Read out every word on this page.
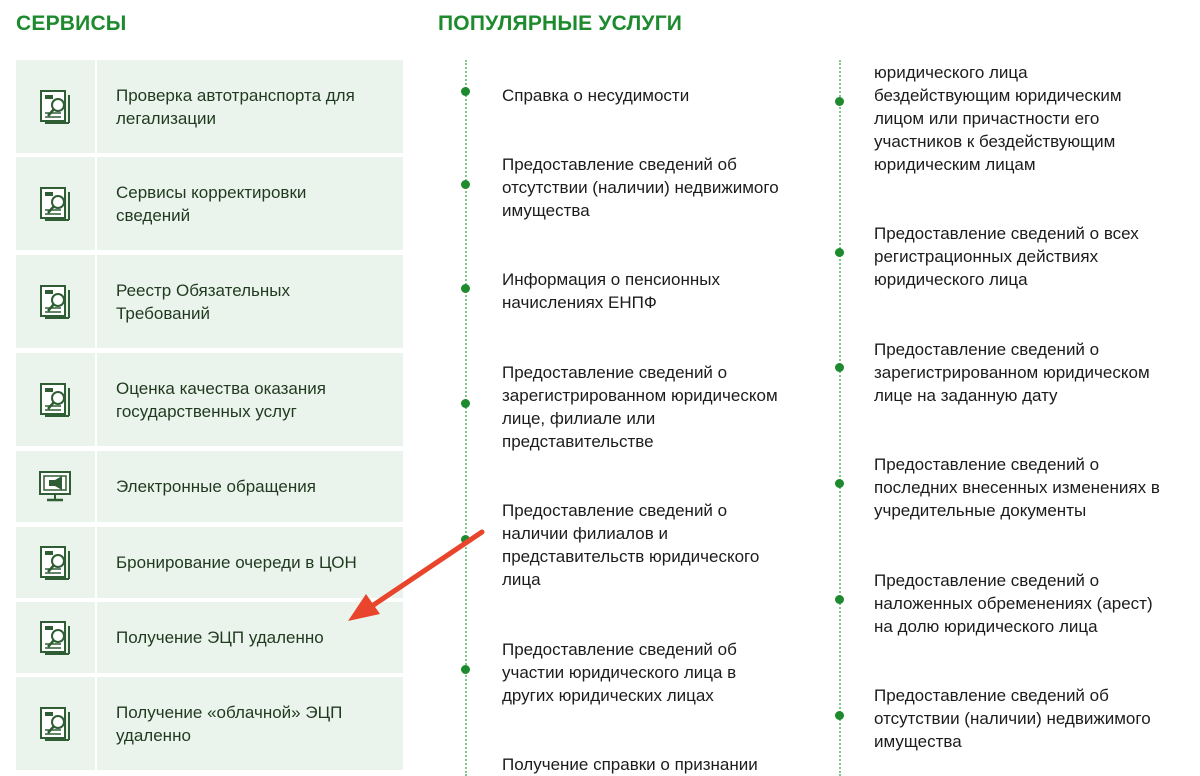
СЕРВИСЫ	ПОПУЛЯРНЫЕ УСЛУГИ
Проверка автотранспорта для легализации
Сервисы корректировки сведений
Реестр Обязательных Требований
Оценка качества оказания государственных услуг
Электронные обращения
Бронирование очереди в ЦОН
Получение ЭЦП удаленно
Получение «облачной» ЭЦП удаленно
Справка о несудимости
Предоставление сведений об отсутствии (наличии) недвижимого имущества
Информация о пенсионных начислениях ЕНПФ
Предоставление сведений о зарегистрированном юридическом лице, филиале или представительстве
Предоставление сведений о наличии филиалов и представительств юридического лица
Предоставление сведений об участии юридического лица в других юридических лицах
Получение справки о признании
юридического лица бездействующим юридическим лицом или причастности его участников к бездействующим юридическим лицам
Предоставление сведений о всех регистрационных действиях юридического лица
Предоставление сведений о зарегистрированном юридическом лице на заданную дату
Предоставление сведений о последних внесенных изменениях в учредительные документы
Предоставление сведений о наложенных обременениях (арест) на долю юридического лица
Предоставление сведений об отсутствии (наличии) недвижимого имущества
